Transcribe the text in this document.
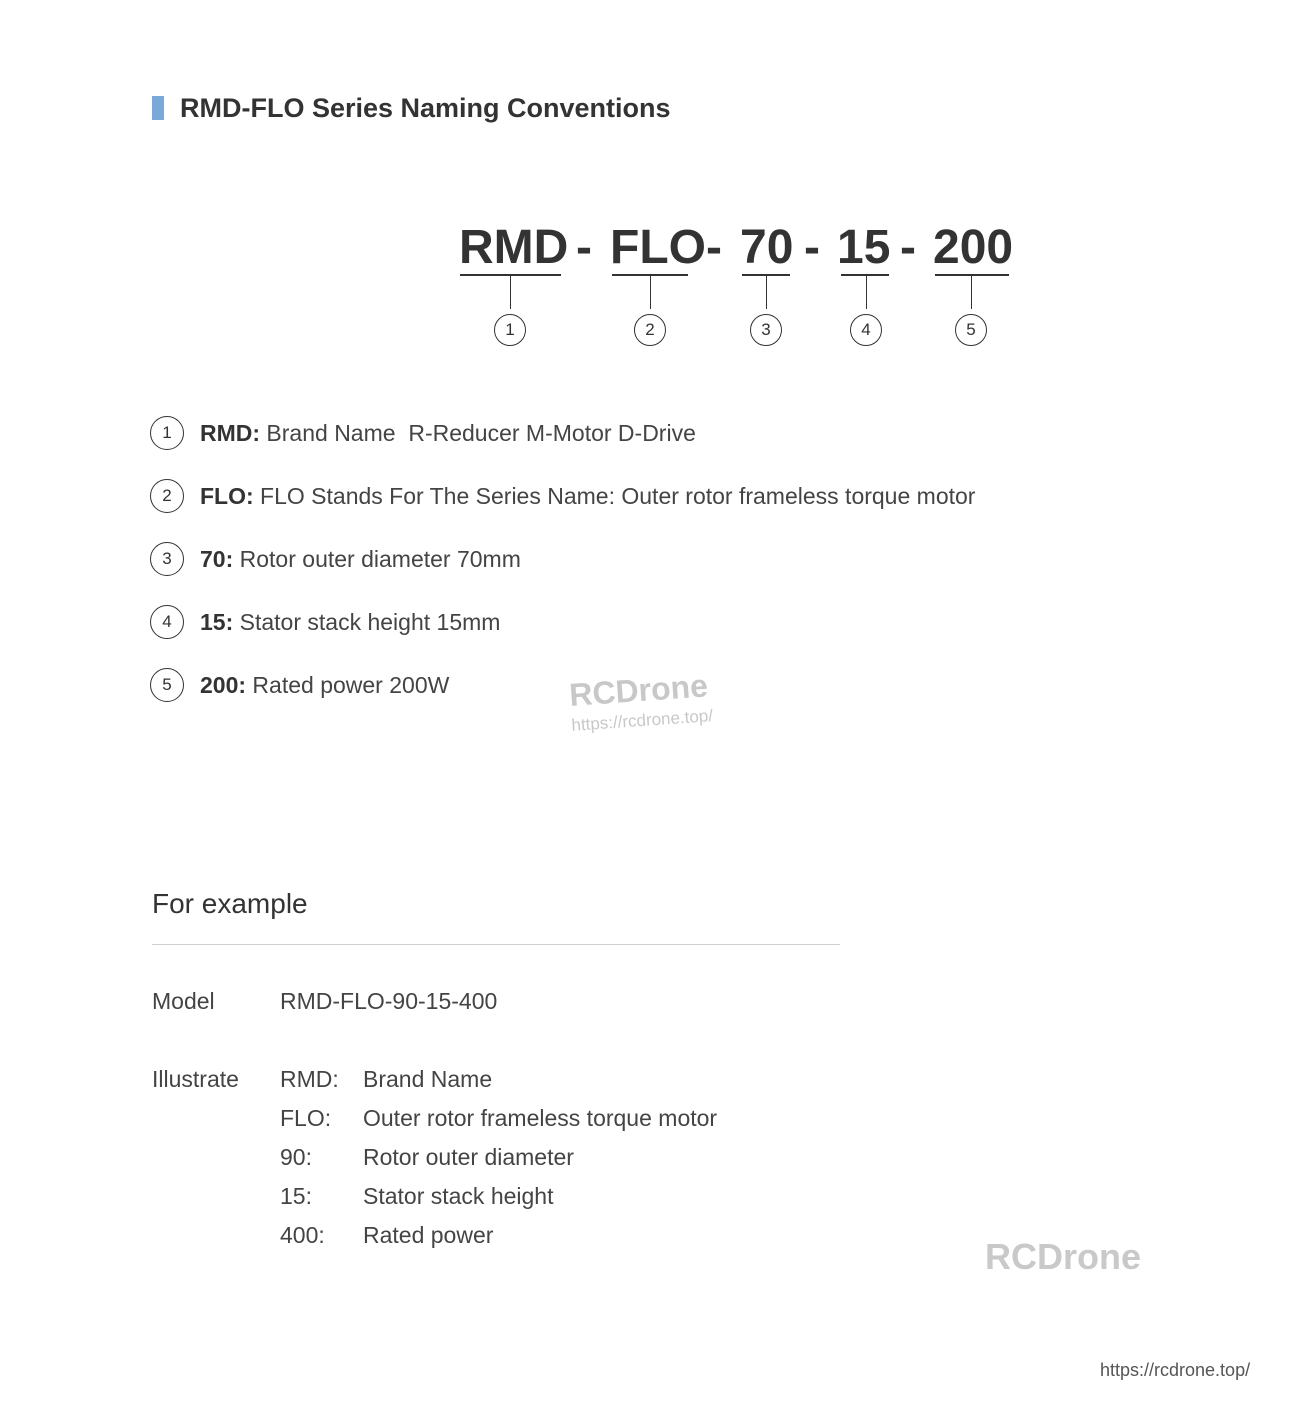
RMD-FLO Series Naming Conventions
RMD - FLO - 70 - 15 - 200
1	2	3	4	5
1	RMD: Brand Name  R-Reducer M-Motor D-Drive
2	FLO: FLO Stands For The Series Name: Outer rotor frameless torque motor
3	70: Rotor outer diameter 70mm
4	15: Stator stack height 15mm
5	200: Rated power 200W	RCDrone
https://rcdrone.top/
For example
Model	RMD-FLO-90-15-400
Illustrate RMD:	Brand Name
FLO:	Outer rotor frameless torque motor
90:	Rotor outer diameter
15:	Stator stack height
400:	Rated power
RCDrone
https://rcdrone.top/
